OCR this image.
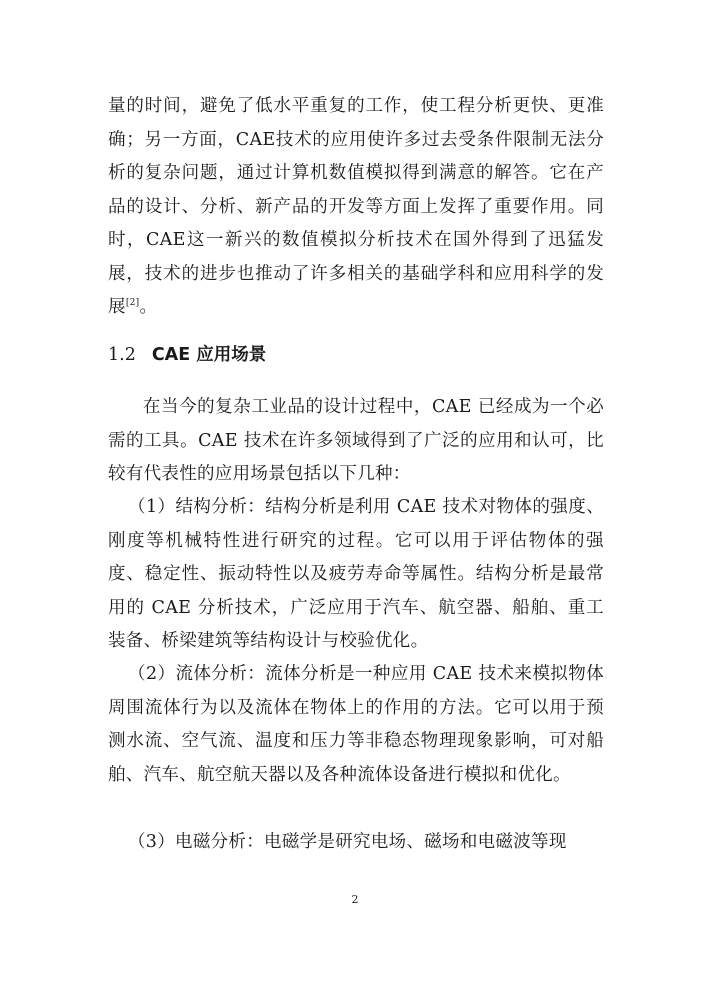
量的时间，避免了低水平重复的工作，使工程分析更快、更准确；另一方面，CAE技术的应用使许多过去受条件限制无法分析的复杂问题，通过计算机数值模拟得到满意的解答。它在产品的设计、分析、新产品的开发等方面上发挥了重要作用。同时，CAE这一新兴的数值模拟分析技术在国外得到了迅猛发展，技术的进步也推动了许多相关的基础学科和应用科学的发展[2]。

1.2 CAE 应用场景

在当今的复杂工业品的设计过程中，CAE 已经成为一个必需的工具。CAE 技术在许多领域得到了广泛的应用和认可，比较有代表性的应用场景包括以下几种：

（1）结构分析：结构分析是利用 CAE 技术对物体的强度、刚度等机械特性进行研究的过程。它可以用于评估物体的强度、稳定性、振动特性以及疲劳寿命等属性。结构分析是最常用的 CAE 分析技术，广泛应用于汽车、航空器、船舶、重工装备、桥梁建筑等结构设计与校验优化。

（2）流体分析：流体分析是一种应用 CAE 技术来模拟物体周围流体行为以及流体在物体上的作用的方法。它可以用于预测水流、空气流、温度和压力等非稳态物理现象影响，可对船舶、汽车、航空航天器以及各种流体设备进行模拟和优化。

（3）电磁分析：电磁学是研究电场、磁场和电磁波等现

2
